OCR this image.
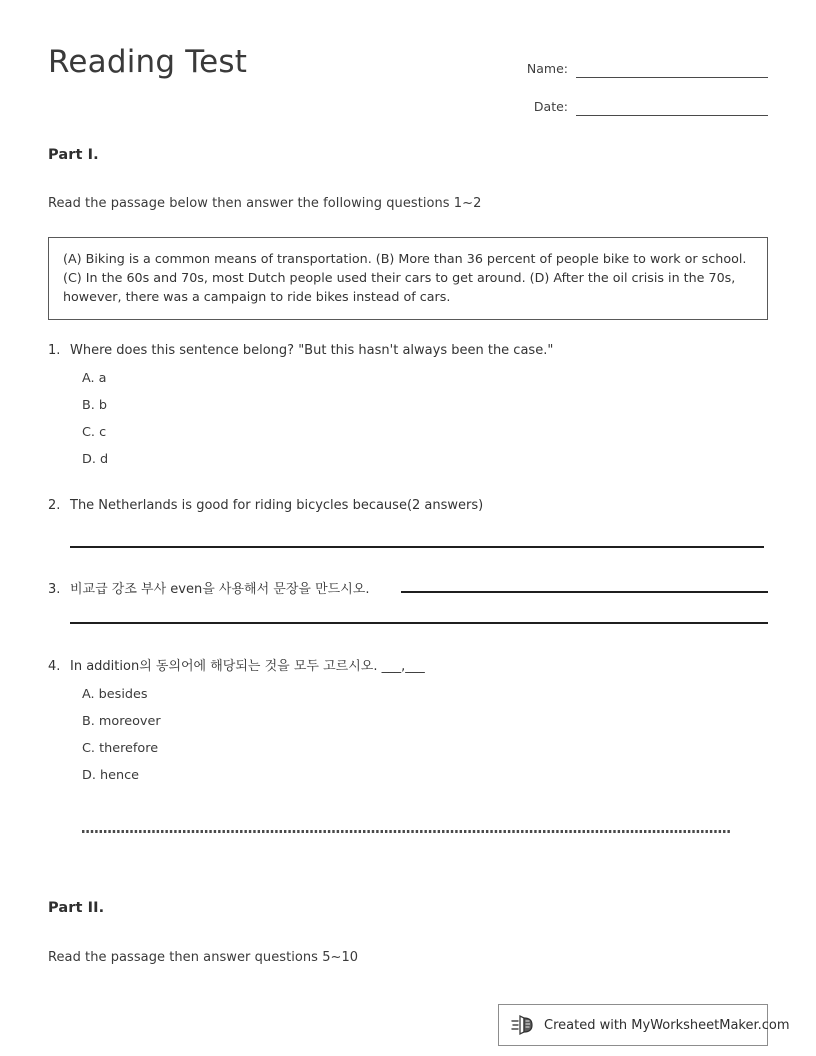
Reading Test	Name:
Date:
Part I.
Read the passage below then answer the following questions 1~2
(A) Biking is a common means of transportation. (B) More than 36 percent of people bike to work or school. (C) In the 60s and 70s, most Dutch people used their cars to get around. (D) After the oil crisis in the 70s, however, there was a campaign to ride bikes instead of cars.
1. Where does this sentence belong? "But this hasn't always been the case."
A. a
B. b
C. c
D. d
2. The Netherlands is good for riding bicycles because(2 answers)
3. 비교급 강조 부사 even을 사용해서 문장을 만드시오.
4. In addition의 동의어에 해당되는 것을 모두 고르시오. ___,___
A. besides
B. moreover
C. therefore
D. hence
Part II.
Read the passage then answer questions 5~10
Created with MyWorksheetMaker.com
